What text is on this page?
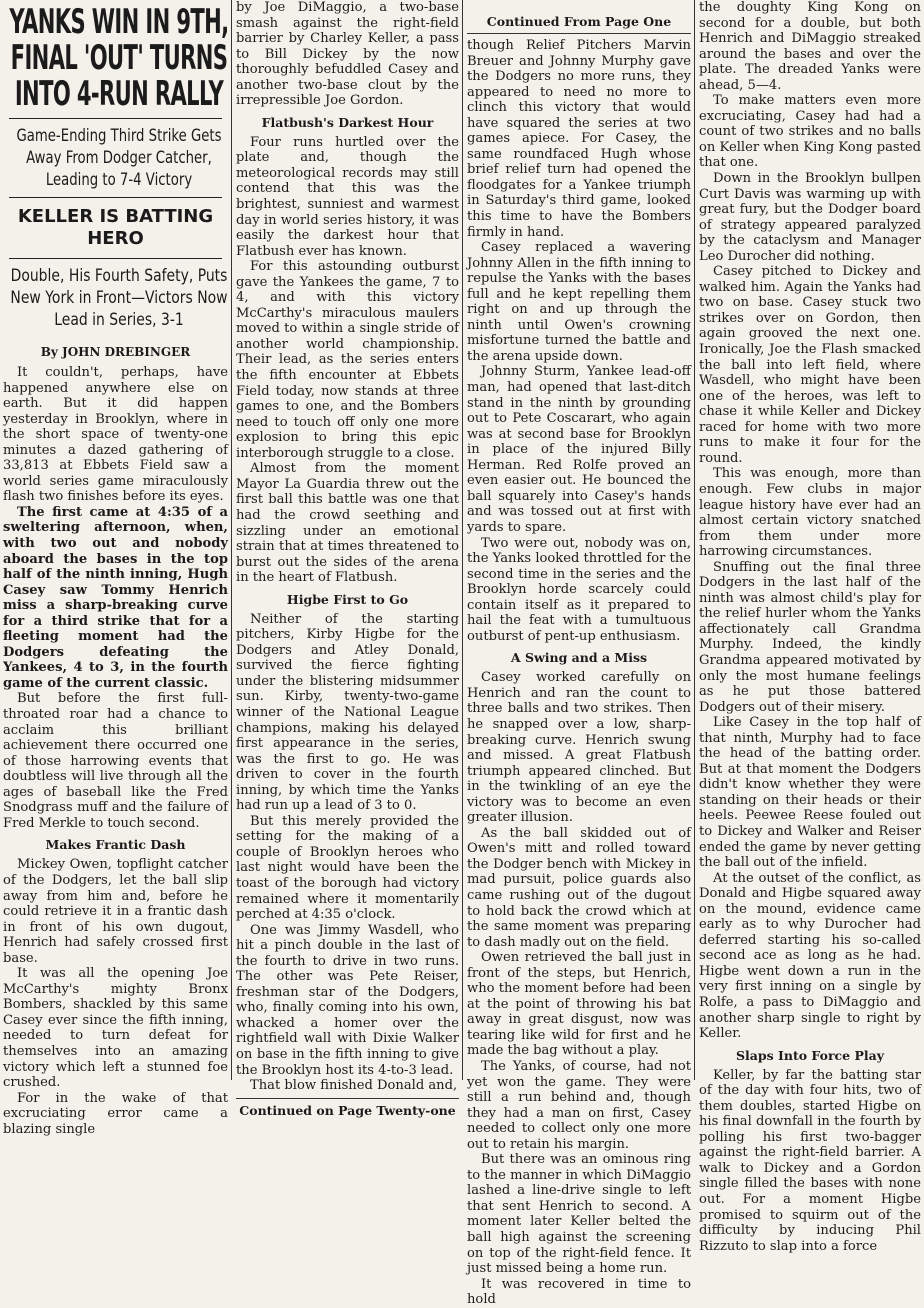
YANKS WIN IN 9TH,
FINAL 'OUT' TURNS
INTO 4-RUN RALLY
Game-Ending Third Strike Gets Away From Dodger Catcher, Leading to 7-4 Victory
KELLER IS BATTING HERO
Double, His Fourth Safety, Puts New York in Front—Victors Now Lead in Series, 3-1
By JOHN DREBINGER

It couldn't, perhaps, have happened anywhere else on earth. But it did happen yesterday in Brooklyn, where in the short space of twenty-one minutes a dazed gathering of 33,813 at Ebbets Field saw a world series game miraculously flash two finishes before its eyes.

The first came at 4:35 of a sweltering afternoon, when, with two out and nobody aboard the bases in the top half of the ninth inning, Hugh Casey saw Tommy Henrich miss a sharp-breaking curve for a third strike that for a fleeting moment had the Dodgers defeating the Yankees, 4 to 3, in the fourth game of the current classic.

But before the first full-throated roar had a chance to acclaim this brilliant achievement there occurred one of those harrowing events that doubtless will live through all the ages of baseball like the Fred Snodgrass muff and the failure of Fred Merkle to touch second.

Makes Frantic Dash

Mickey Owen, topflight catcher of the Dodgers, let the ball slip away from him and, before he could retrieve it in a frantic dash in front of his own dugout, Henrich had safely crossed first base.

It was all the opening Joe McCarthy's mighty Bronx Bombers, shackled by this same Casey ever since the fifth inning, needed to turn defeat for themselves into an amazing victory which left a stunned foe crushed.

For in the wake of that excruciating error came a blazing single

by Joe DiMaggio, a two-base smash against the right-field barrier by Charley Keller, a pass to Bill Dickey by the now thoroughly befuddled Casey and another two-base clout by the irrepressible Joe Gordon.

Flatbush's Darkest Hour

Four runs hurtled over the plate and, though the meteorological records may still contend that this was the brightest, sunniest and warmest day in world series history, it was easily the darkest hour that Flatbush ever has known.

For this astounding outburst gave the Yankees the game, 7 to 4, and with this victory McCarthy's miraculous maulers moved to within a single stride of another world championship. Their lead, as the series enters the fifth encounter at Ebbets Field today, now stands at three games to one, and the Bombers need to touch off only one more explosion to bring this epic interborough struggle to a close.

Almost from the moment Mayor La Guardia threw out the first ball this battle was one that had the crowd seething and sizzling under an emotional strain that at times threatened to burst out the sides of the arena in the heart of Flatbush.

Higbe First to Go

Neither of the starting pitchers, Kirby Higbe for the Dodgers and Atley Donald, survived the fierce fighting under the blistering midsummer sun. Kirby, twenty-two-game winner of the National League champions, making his delayed first appearance in the series, was the first to go. He was driven to cover in the fourth inning, by which time the Yanks had run up a lead of 3 to 0.

But this merely provided the setting for the making of a couple of Brooklyn heroes who last night would have been the toast of the borough had victory remained where it momentarily perched at 4:35 o'clock.

One was Jimmy Wasdell, who hit a pinch double in the last of the fourth to drive in two runs. The other was Pete Reiser, freshman star of the Dodgers, who, finally coming into his own, whacked a homer over the rightfield wall with Dixie Walker on base in the fifth inning to give the Brooklyn host its 4-to-3 lead.

That blow finished Donald and,

Continued on Page Twenty-one
Continued From Page One

though Relief Pitchers Marvin Breuer and Johnny Murphy gave the Dodgers no more runs, they appeared to need no more to clinch this victory that would have squared the series at two games apiece. For Casey, the same roundfaced Hugh whose brief relief turn had opened the floodgates for a Yankee triumph in Saturday's third game, looked this time to have the Bombers firmly in hand.

Casey replaced a wavering Johnny Allen in the fifth inning to repulse the Yanks with the bases full and he kept repelling them right on and up through the ninth until Owen's crowning misfortune turned the battle and the arena upside down.

Johnny Sturm, Yankee lead-off man, had opened that last-ditch stand in the ninth by grounding out to Pete Coscarart, who again was at second base for Brooklyn in place of the injured Billy Herman. Red Rolfe proved an even easier out. He bounced the ball squarely into Casey's hands and was tossed out at first with yards to spare.

Two were out, nobody was on, the Yanks looked throttled for the second time in the series and the Brooklyn horde scarcely could contain itself as it prepared to hail the feat with a tumultuous outburst of pent-up enthusiasm.

A Swing and a Miss

Casey worked carefully on Henrich and ran the count to three balls and two strikes. Then he snapped over a low, sharp-breaking curve. Henrich swung and missed. A great Flatbush triumph appeared clinched. But in the twinkling of an eye the victory was to become an even greater illusion.

As the ball skidded out of Owen's mitt and rolled toward the Dodger bench with Mickey in mad pursuit, police guards also came rushing out of the dugout to hold back the crowd which at the same moment was preparing to dash madly out on the field.

Owen retrieved the ball just in front of the steps, but Henrich, who the moment before had been at the point of throwing his bat away in great disgust, now was tearing like wild for first and he made the bag without a play.

The Yanks, of course, had not yet won the game. They were still a run behind and, though they had a man on first, Casey needed to collect only one more out to retain his margin.

But there was an ominous ring to the manner in which DiMaggio lashed a line-drive single to left that sent Henrich to second. A moment later Keller belted the ball high against the screening on top of the right-field fence. It just missed being a home run.

It was recovered in time to hold

the doughty King Kong on second for a double, but both Henrich and DiMaggio streaked around the bases and over the plate. The dreaded Yanks were ahead, 5—4.

To make matters even more excruciating, Casey had had a count of two strikes and no balls on Keller when King Kong pasted that one.

Down in the Brooklyn bullpen Curt Davis was warming up with great fury, but the Dodger board of strategy appeared paralyzed by the cataclysm and Manager Leo Durocher did nothing.

Casey pitched to Dickey and walked him. Again the Yanks had two on base. Casey stuck two strikes over on Gordon, then again grooved the next one. Ironically, Joe the Flash smacked the ball into left field, where Wasdell, who might have been one of the heroes, was left to chase it while Keller and Dickey raced for home with two more runs to make it four for the round.

This was enough, more than enough. Few clubs in major league history have ever had an almost certain victory snatched from them under more harrowing circumstances.

Snuffing out the final three Dodgers in the last half of the ninth was almost child's play for the relief hurler whom the Yanks affectionately call Grandma Murphy. Indeed, the kindly Grandma appeared motivated by only the most humane feelings as he put those battered Dodgers out of their misery.

Like Casey in the top half of that ninth, Murphy had to face the head of the batting order. But at that moment the Dodgers didn't know whether they were standing on their heads or their heels. Peewee Reese fouled out to Dickey and Walker and Reiser ended the game by never getting the ball out of the infield.

At the outset of the conflict, as Donald and Higbe squared away on the mound, evidence came early as to why Durocher had deferred starting his so-called second ace as long as he had. Higbe went down a run in the very first inning on a single by Rolfe, a pass to DiMaggio and another sharp single to right by Keller.

Slaps Into Force Play

Keller, by far the batting star of the day with four hits, two of them doubles, started Higbe on his final downfall in the fourth by polling his first two-bagger against the right-field barrier. A walk to Dickey and a Gordon single filled the bases with none out. For a moment Higbe promised to squirm out of the difficulty by inducing Phil Rizzuto to slap into a force
